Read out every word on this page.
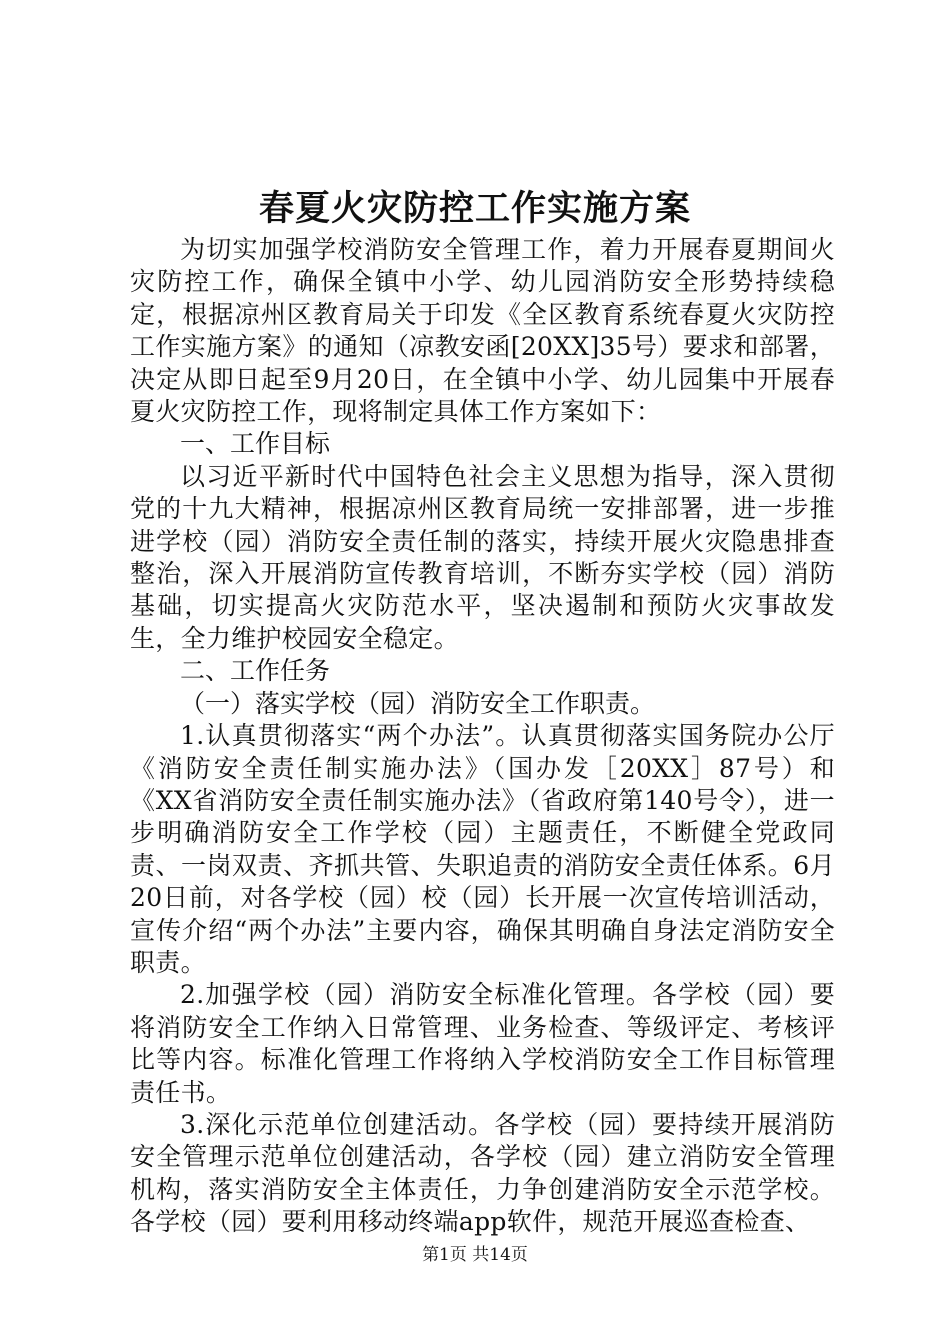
春夏火灾防控工作实施方案

为切实加强学校消防安全管理工作，着力开展春夏期间火灾防控工作，确保全镇中小学、幼儿园消防安全形势持续稳定，根据凉州区教育局关于印发《全区教育系统春夏火灾防控工作实施方案》的通知（凉教安函[20XX]35号）要求和部署，决定从即日起至9月20日，在全镇中小学、幼儿园集中开展春夏火灾防控工作，现将制定具体工作方案如下：

一、工作目标

以习近平新时代中国特色社会主义思想为指导，深入贯彻党的十九大精神，根据凉州区教育局统一安排部署，进一步推进学校（园）消防安全责任制的落实，持续开展火灾隐患排查整治，深入开展消防宣传教育培训，不断夯实学校（园）消防基础，切实提高火灾防范水平，坚决遏制和预防火灾事故发生，全力维护校园安全稳定。

二、工作任务

（一）落实学校（园）消防安全工作职责。

1.认真贯彻落实“两个办法”。认真贯彻落实国务院办公厅《消防安全责任制实施办法》（国办发［20XX］87号）和《XX省消防安全责任制实施办法》（省政府第140号令），进一步明确消防安全工作学校（园）主题责任，不断健全党政同责、一岗双责、齐抓共管、失职追责的消防安全责任体系。6月20日前，对各学校（园）校（园）长开展一次宣传培训活动，宣传介绍“两个办法”主要内容，确保其明确自身法定消防安全职责。

2.加强学校（园）消防安全标准化管理。各学校（园）要将消防安全工作纳入日常管理、业务检查、等级评定、考核评比等内容。标准化管理工作将纳入学校消防安全工作目标管理责任书。

3.深化示范单位创建活动。各学校（园）要持续开展消防安全管理示范单位创建活动，各学校（园）建立消防安全管理机构，落实消防安全主体责任，力争创建消防安全示范学校。各学校（园）要利用移动终端app软件，规范开展巡查检查、

第1页 共14页
